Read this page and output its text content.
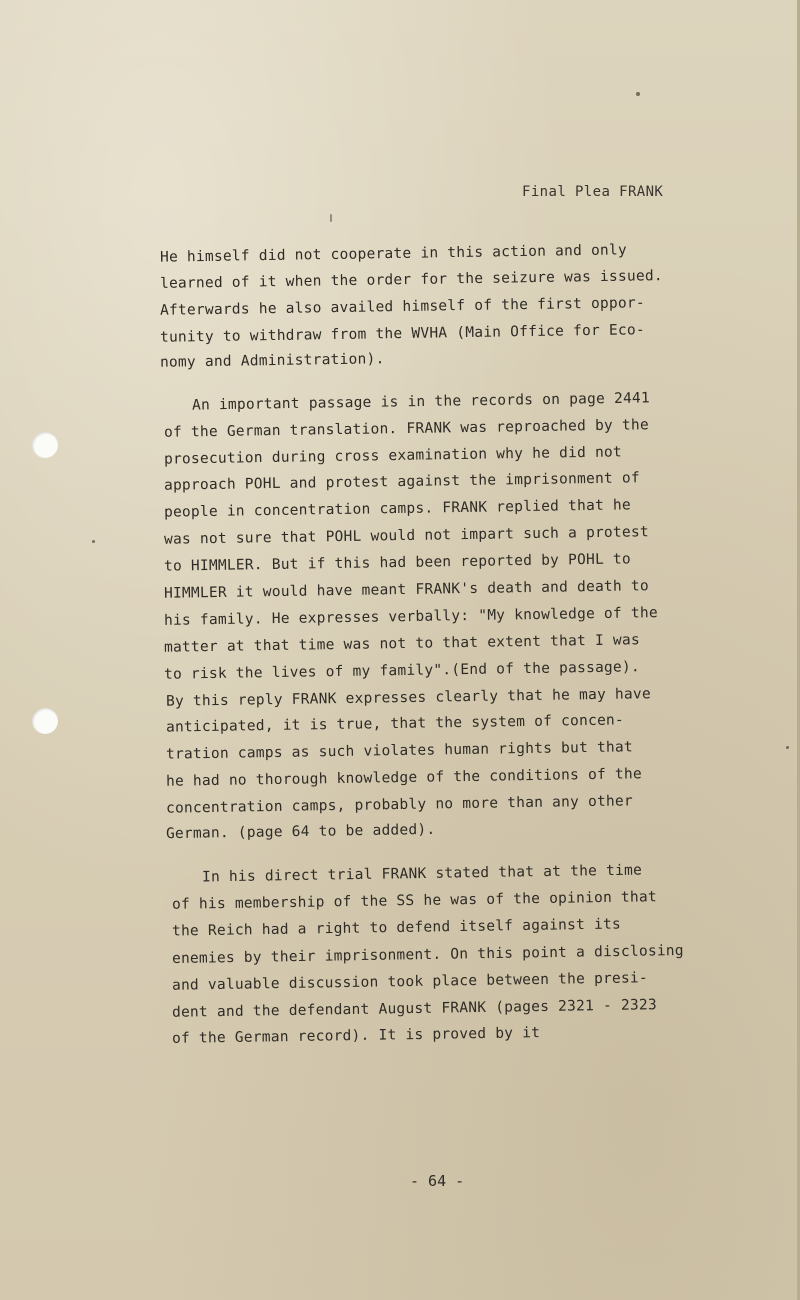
Final Plea FRANK
He himself did not cooperate in this action and only
learned of it when the order for the seizure was issued.
Afterwards he also availed himself of the first oppor-
tunity to withdraw from the WVHA (Main Office for Eco-
nomy and Administration).
An important passage is in the records on page 2441
of the German translation. FRANK was reproached by the
prosecution during cross examination why he did not
approach POHL and protest against the imprisonment of
people in concentration camps. FRANK replied that he
was not sure that POHL would not impart such a protest
to HIMMLER. But if this had been reported by POHL to
HIMMLER it would have meant FRANK's death and death to
his family. He expresses verbally: "My knowledge of the
matter at that time was not to that extent that I was
to risk the lives of my family".(End of the passage).
By this reply FRANK expresses clearly that he may have
anticipated, it is true, that the system of concen-
tration camps as such violates human rights but that
he had no thorough knowledge of the conditions of the
concentration camps, probably no more than any other
German. (page 64 to be added).
In his direct trial FRANK stated that at the time
of his membership of the SS he was of the opinion that
the Reich had a right to defend itself against its
enemies by their imprisonment. On this point a disclosing
and valuable discussion took place between the presi-
dent and the defendant August FRANK (pages 2321 - 2323
of the German record). It is proved by it
- 64 -
